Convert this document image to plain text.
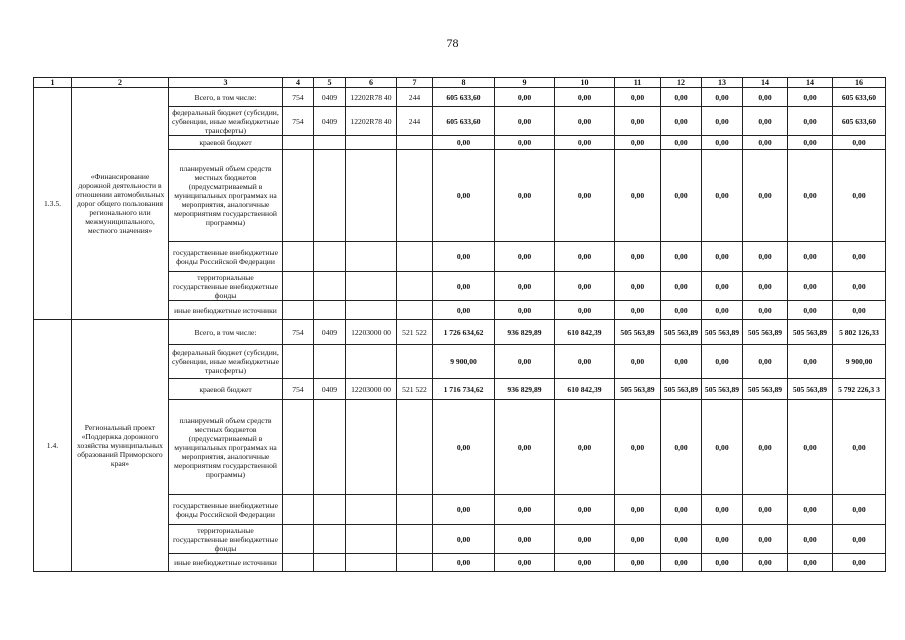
78
1	2	3	4	5	6	7	8	9	10	11	12	13	14	14	16
1.3.5.	«Финансирование дорожной деятельности в отношении автомобильных дорог общего пользования регионального или межмуниципального, местного значения»	Всего, в том числе:	754	0409	12202R78 40	244	605 633,60	0,00	0,00	0,00	0,00	0,00	0,00	0,00	605 633,60
		федеральный бюджет (субсидии, субвенции, иные межбюджетные трансферты)	754	0409	12202R78 40	244	605 633,60	0,00	0,00	0,00	0,00	0,00	0,00	0,00	605 633,60
		краевой бюджет					0,00	0,00	0,00	0,00	0,00	0,00	0,00	0,00	0,00
		планируемый объем средств местных бюджетов (предусматриваемый в муниципальных программах на мероприятия, аналогичные мероприятиям государственной программы)					0,00	0,00	0,00	0,00	0,00	0,00	0,00	0,00	0,00
		государственные внебюджетные фонды Российской Федерации					0,00	0,00	0,00	0,00	0,00	0,00	0,00	0,00	0,00
		территориальные государственные внебюджетные фонды					0,00	0,00	0,00	0,00	0,00	0,00	0,00	0,00	0,00
		иные внебюджетные источники					0,00	0,00	0,00	0,00	0,00	0,00	0,00	0,00	0,00
1.4.	Региональный проект «Поддержка дорожного хозяйства муниципальных образований Приморского края»	Всего, в том числе:	754	0409	12203000 00	521 522	1 726 634,62	936 829,89	610 842,39	505 563,89	505 563,89	505 563,89	505 563,89	505 563,89	5 802 126,33
		федеральный бюджет (субсидии, субвенции, иные межбюджетные трансферты)					9 900,00	0,00	0,00	0,00	0,00	0,00	0,00	0,00	9 900,00
		краевой бюджет	754	0409	12203000 00	521 522	1 716 734,62	936 829,89	610 842,39	505 563,89	505 563,89	505 563,89	505 563,89	505 563,89	5 792 226,3 3
		планируемый объем средств местных бюджетов (предусматриваемый в муниципальных программах на мероприятия, аналогичные мероприятиям государственной программы)					0,00	0,00	0,00	0,00	0,00	0,00	0,00	0,00	0,00
		государственные внебюджетные фонды Российской Федерации					0,00	0,00	0,00	0,00	0,00	0,00	0,00	0,00	0,00
		территориальные государственные внебюджетные фонды					0,00	0,00	0,00	0,00	0,00	0,00	0,00	0,00	0,00
		иные внебюджетные источники					0,00	0,00	0,00	0,00	0,00	0,00	0,00	0,00	0,00
